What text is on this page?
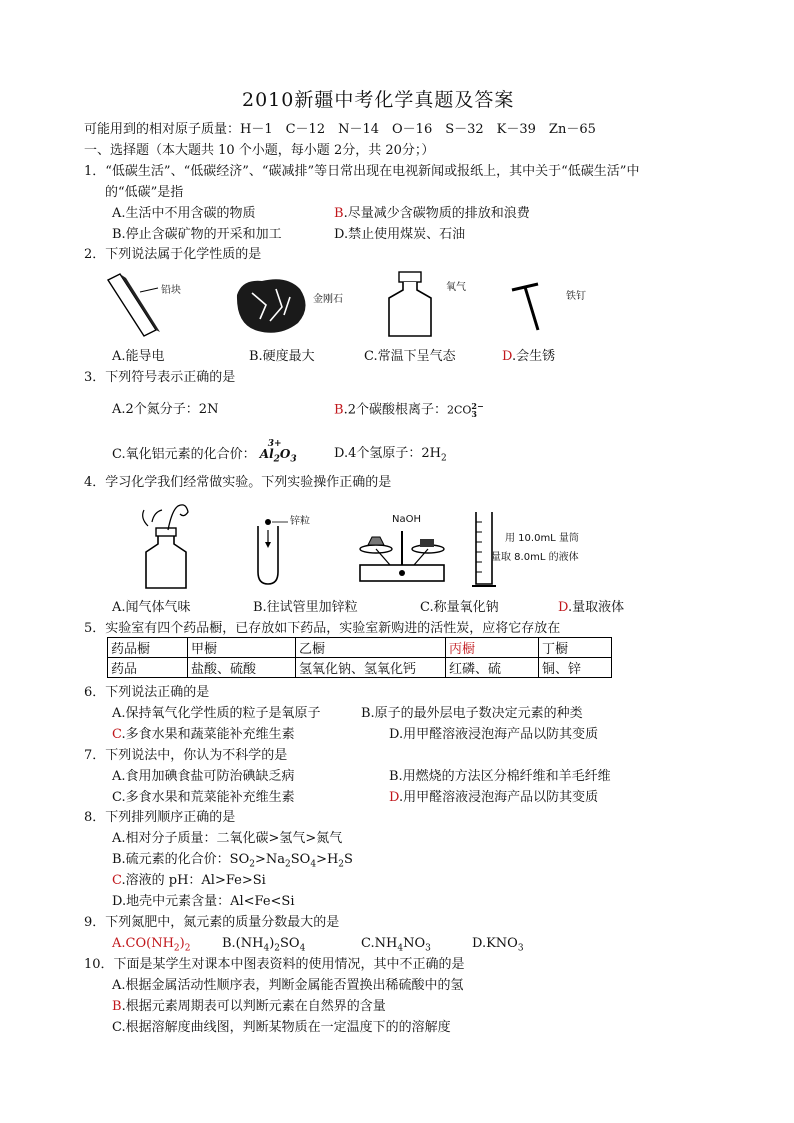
2010新疆中考化学真题及答案
可能用到的相对原子质量：H－1　C－12　N－14　O－16　S－32　K－39　Zn－65
一、选择题（本大题共 10 个小题，每小题 2分，共 20分；）
1．“低碳生活”、“低碳经济”、“碳减排”等日常出现在电视新闻或报纸上，其中关于“低碳生活”中
的“低碳”是指
A.生活中不用含碳的物质	B.尽量减少含碳物质的排放和浪费
B.停止含碳矿物的开采和加工	D.禁止使用煤炭、石油
2．下列说法属于化学性质的是
铅块
金刚石
氧气
铁钉
A.能导电	B.硬度最大	C.常温下呈气态	D.会生锈
3．下列符号表示正确的是
A.2个氮分子：2N	B.2个碳酸根离子：2CO 2−
3
C.氧化铝元素的化合价：
3+
$Al_2O_3$	D.4个氢原子：$2H_2$
4．学习化学我们经常做实验。下列实验操作正确的是
锌粒	NaOH
用 10.0mL 量筒
量取 8.0mL 的液体
A.闻气体气味	B.往试管里加锌粒	C.称量氧化钠	D.量取液体
5．实验室有四个药品橱，已存放如下药品，实验室新购进的活性炭，应将它存放在
药品橱	甲橱	乙橱	丙橱	丁橱
药品	盐酸、硫酸	氢氧化钠、氢氧化钙	红磷、硫	铜、锌
6．下列说法正确的是
A.保持氧气化学性质的粒子是氧原子	B.原子的最外层电子数决定元素的种类
C.多食水果和蔬菜能补充维生素	D.用甲醛溶液浸泡海产品以防其变质
7．下列说法中，你认为不科学的是
A.食用加碘食盐可防治碘缺乏病	B.用燃烧的方法区分棉纤维和羊毛纤维
C.多食水果和荒菜能补充维生素	D.用甲醛溶液浸泡海产品以防其变质
8．下列排列顺序正确的是
A.相对分子质量：二氧化碳>氢气>氮气
B.硫元素的化合价：$SO_2>Na_2SO_4>H_2S$
C.溶液的 pH：Al>Fe>Si
D.地壳中元素含量：Al<Fe<Si
9．下列氮肥中，氮元素的质量分数最大的是
$A.CO(NH_2)_2$ $B.(NH_4)_2SO_4$	$C.NH_4NO_3$	$D.KNO_3$
10．下面是某学生对课本中图表资料的使用情况，其中不正确的是
A.根据金属活动性顺序表，判断金属能否置换出稀硫酸中的氢
B.根据元素周期表可以判断元素在自然界的含量
C.根据溶解度曲线图，判断某物质在一定温度下的的溶解度
